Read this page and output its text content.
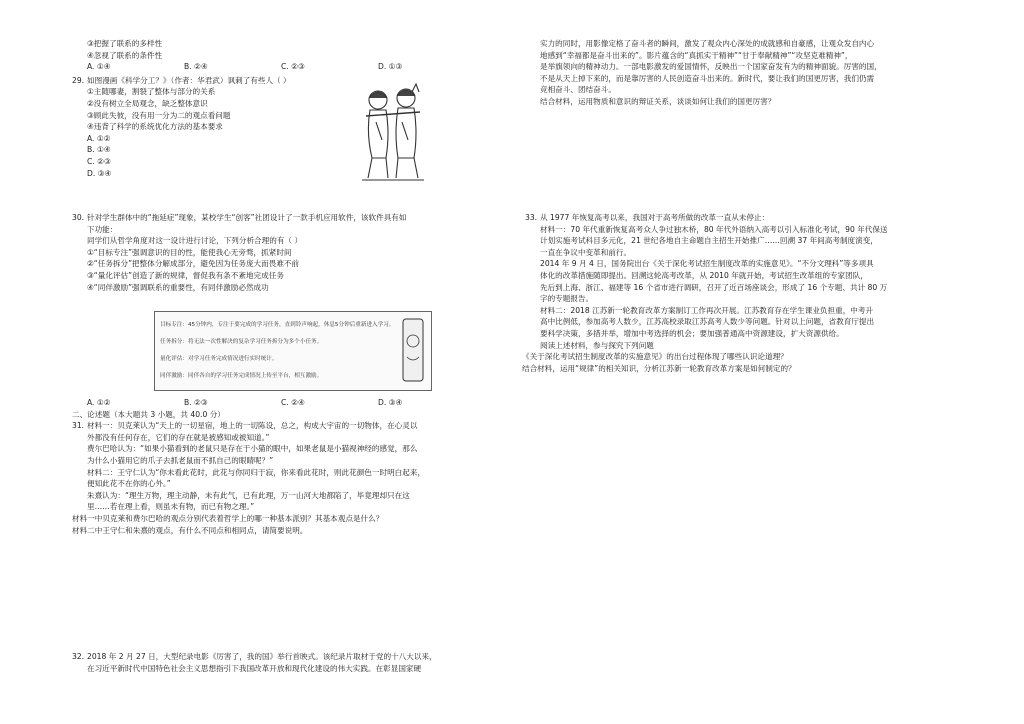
③把握了联系的多样性
④忽视了联系的条件性
A. ①④	B. ②④	C. ②③	D. ①③
29. 如图漫画《科学分工？》（作者：华君武）讽刺了有些人（ ）
①主随哪妻，割裂了整体与部分的关系
②没有树立全局观念，缺乏整体意识
③顾此失彼，没有用一分为二的观点看问题
④违背了科学的系统优化方法的基本要求
A. ①②
B. ①④
C. ②③
D. ③④
30. 针对学生群体中的“拖延症”现象，某校学生“创客”社团设计了一款手机应用软件，该软件具有如
下功能：
同学们从哲学角度对这一设计进行讨论，下列分析合理的有（ ）
①“目标专注”强调意识的目的性，能使我心无旁骛，抓紧时间
②“任务拆分”把整体分解成部分，避免因为任务庞大而畏难不前
③“量化评估”创造了新的规律，督促我有条不紊地完成任务
④“同伴激励”强调联系的重要性，有同伴激励必然成功
目标专注：45分钟内，专注于要完成的学习任务，直到铃声响起，休息5分钟后重新进入学习。
任务拆分：将无法一次性解决的复杂学习任务拆分为多个小任务。
量化评估：对学习任务完成情况进行实时统计。
同伴激励：同伴各自的学习任务完成情况上传至平台，相互激励。
A. ①②	B. ②③	C. ②④	D. ③④
二、论述题（本大题共 3 小题，共 40.0 分）
31. 材料一：贝克莱认为“天上的一切星宿，地上的一切陈设，总之，构成大宇宙的一切物体，在心灵以
外都没有任何存在，它们的存在就是被感知或被知道。”
费尔巴哈认为：“如果小猫看到的老鼠只是存在于小猫的眼中，如果老鼠是小猫视神经的感觉，那么
为什么小猫用它的爪子去抓老鼠而不抓自己的眼睛呢？”
材料二：王守仁认为“你未看此花时，此花与你同归于寂，你来看此花时，则此花颜色一时明白起来，
便知此花不在你的心外。”
朱熹认为：“理生万物，理主动静，未有此气，已有此理，万一山河大地都陷了，毕竟理却只在这
里……若在理上看，则虽未有物，而已有物之理。”
材料一中贝克莱和费尔巴哈的观点分别代表着哲学上的哪一种基本派别？其基本观点是什么？
材料二中王守仁和朱熹的观点，有什么不同点和相同点，请简要说明。
32. 2018 年 2 月 27 日，大型纪录电影《厉害了，我的国》举行首映式。该纪录片取材于党的十八大以来，
在习近平新时代中国特色社会主义思想指引下我国改革开放和现代化建设的伟大实践。在彰显国家硬
实力的同时，用影像定格了奋斗者的瞬间，激发了观众内心深处的成就感和自豪感，让观众发自内心
地感到“幸福都是奋斗出来的”。影片蕴含的“真抓实干精神”“甘于奉献精神”“攻坚克难精神”，
是举旗领向的精神动力。一部电影激发的爱国情怀，反映出一个国家奋发有为的精神面貌。厉害的国，
不是从天上掉下来的，而是靠厉害的人民创造奋斗出来的。新时代，要让我们的国更厉害，我们仍需
竞相奋斗、团结奋斗。
结合材料，运用物质和意识的辩证关系，谈谈如何让我们的国更厉害？
33. 从 1977 年恢复高考以来，我国对于高考所做的改革一直从未停止：
材料一：70 年代重新恢复高考众人争过独木桥，80 年代外语纳入高考以引入标准化考试，90 年代保送
计划实施考试科目多元化，21 世纪各地自主命题自主招生开始推广……回溯 37 年间高考制度演变，
一直在争议中变革和前行。
2014 年 9 月 4 日，国务院出台《关于深化考试招生制度改革的实施意见》。“不分文理科”等多项具
体化的改革措施随即提出。回溯这轮高考改革，从 2010 年就开始，考试招生改革组的专家团队，
先后到上海、浙江、福建等 16 个省市进行调研，召开了近百场座谈会，形成了 16 个专题、共计 80 万
字的专题报告。
材料二：2018 江苏新一轮教育改革方案制订工作再次开展。江苏教育存在学生课业负担重，中考升
高中比例低，参加高考人数少，江苏高校录取江苏高考人数少等问题。针对以上问题，省教育厅提出
要科学决策，多措并举，增加中考选择的机会；要加强普通高中资源建设，扩大资源供给。
阅读上述材料，参与探究下列问题
《关于深化考试招生制度改革的实施意见》的出台过程体现了哪些认识论道理？
结合材料，运用“规律”的相关知识，分析江苏新一轮教育改革方案是如何制定的？
